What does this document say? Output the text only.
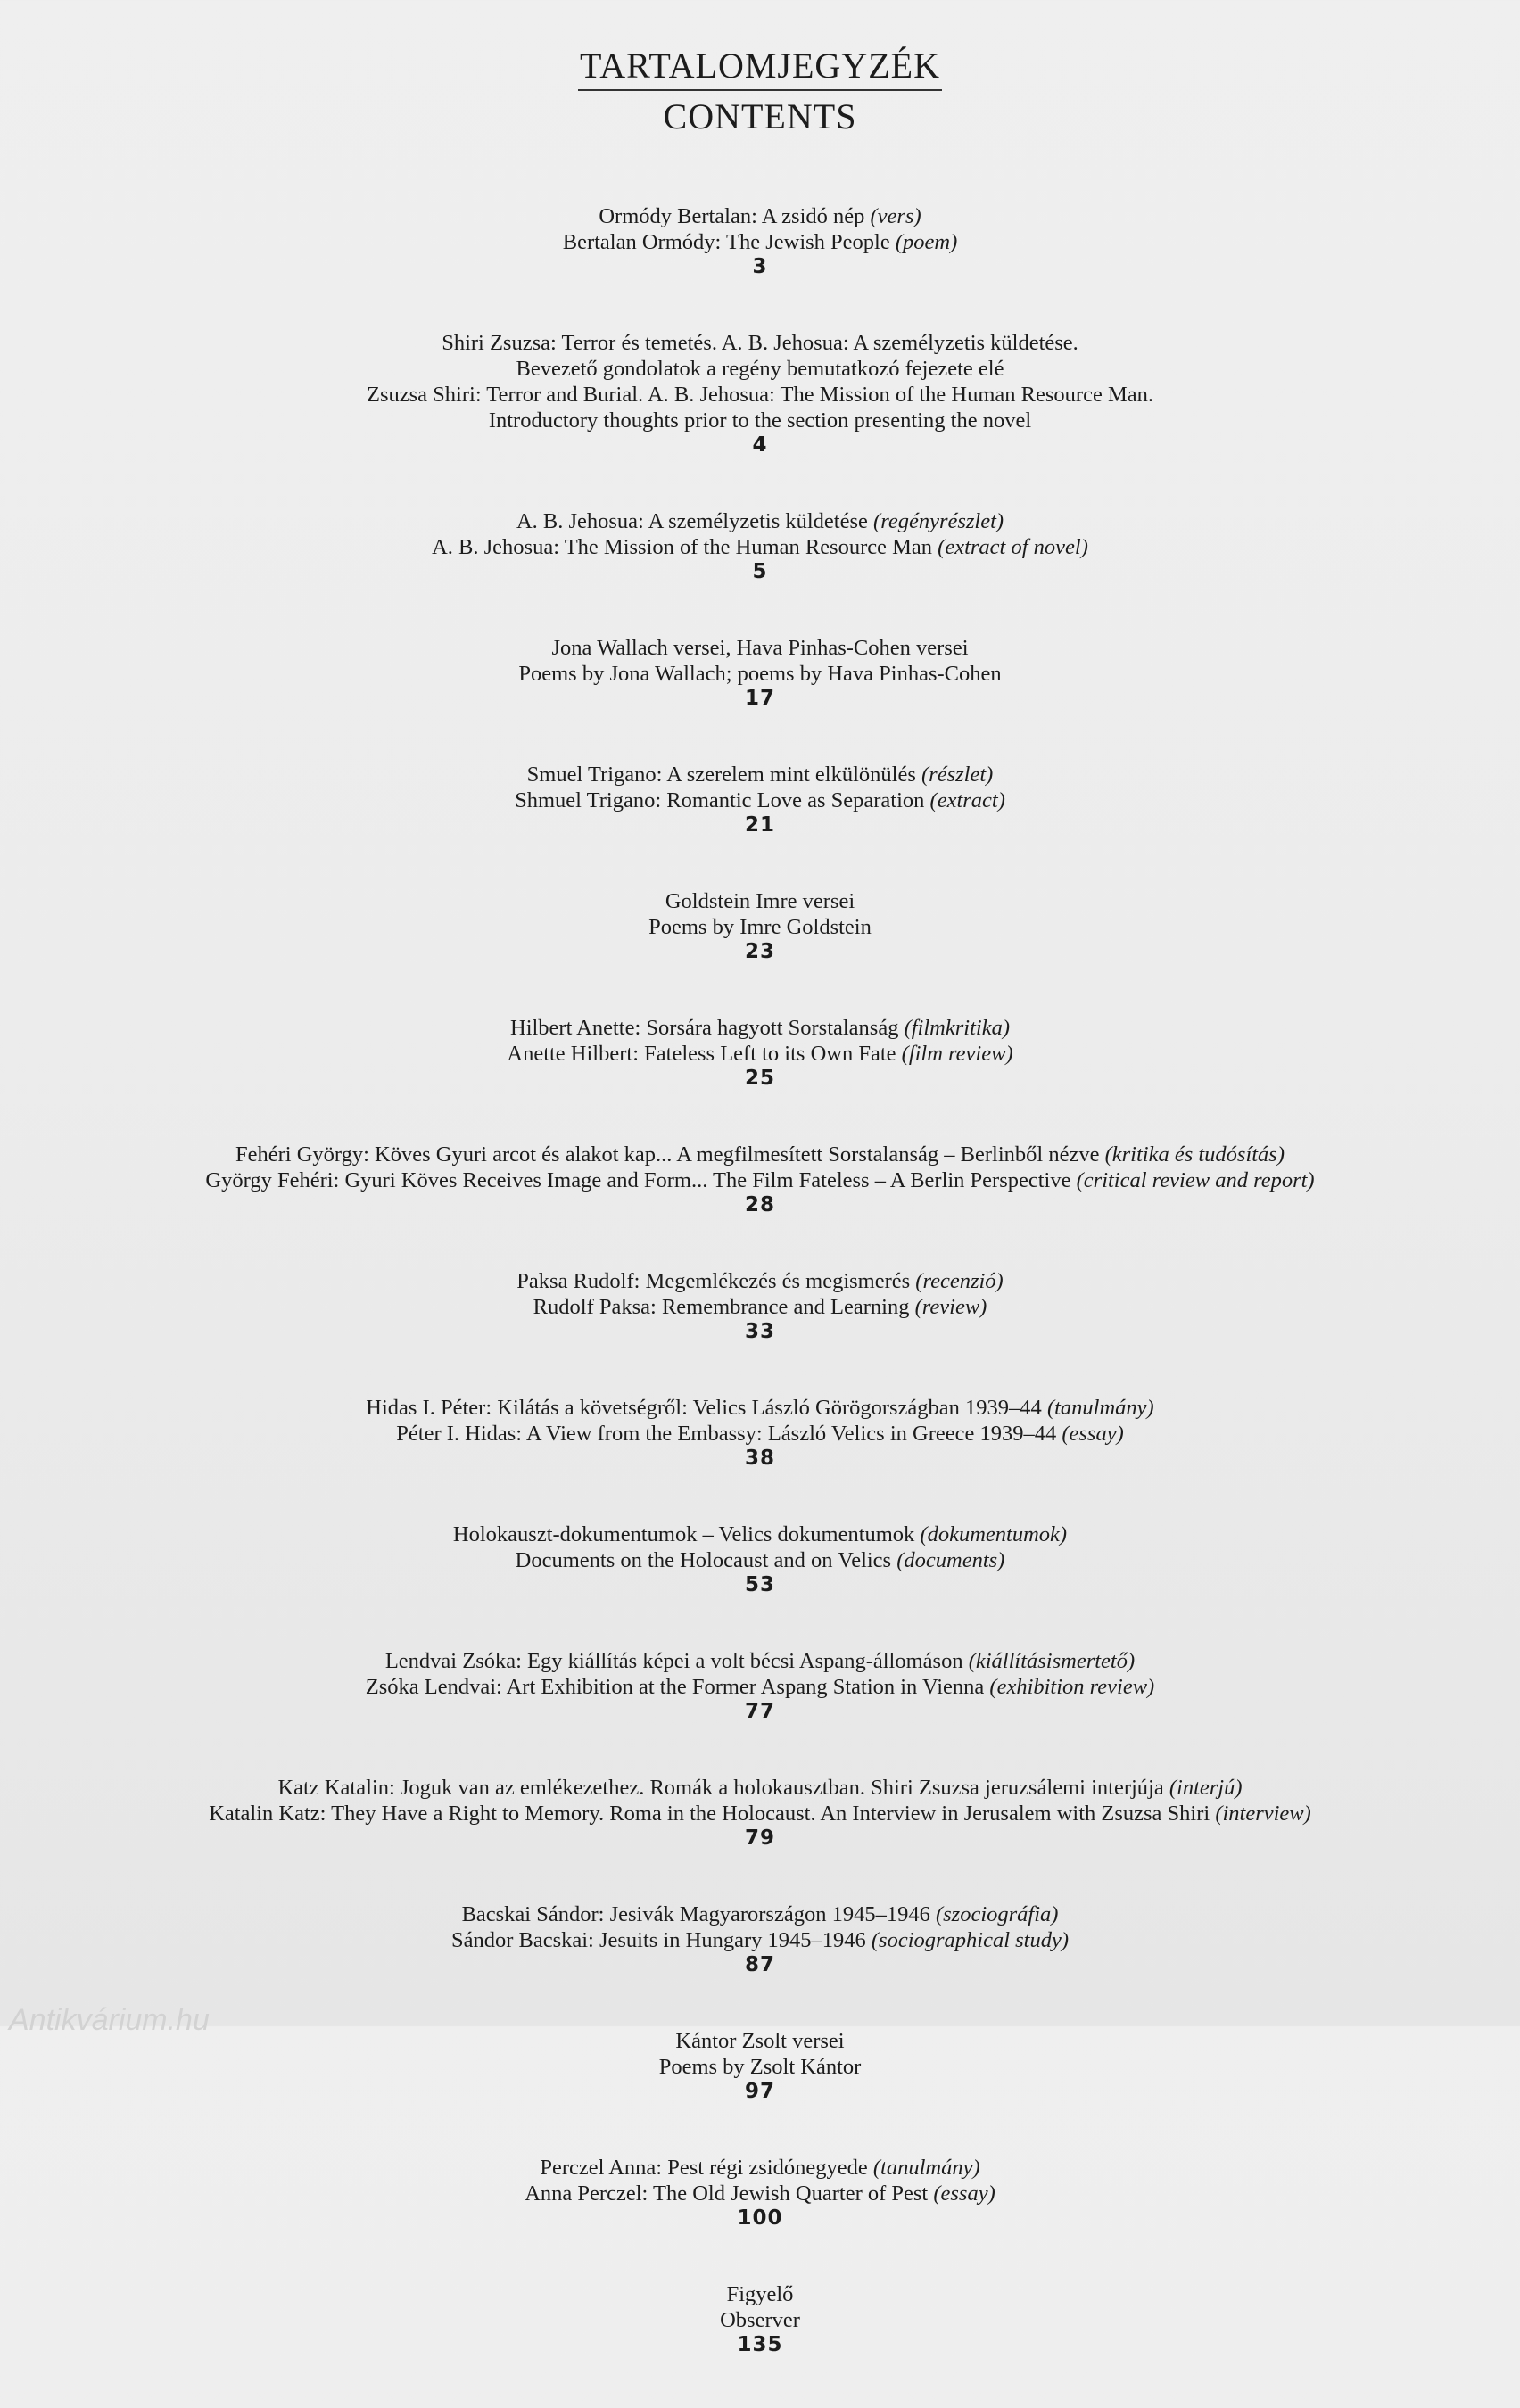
TARTALOMJEGYZÉK
CONTENTS
Ormódy Bertalan: A zsidó nép (vers)
Bertalan Ormódy: The Jewish People (poem)
3
Shiri Zsuzsa: Terror és temetés. A. B. Jehosua: A személyzetis küldetése.
Bevezető gondolatok a regény bemutatkozó fejezete elé
Zsuzsa Shiri: Terror and Burial. A. B. Jehosua: The Mission of the Human Resource Man.
Introductory thoughts prior to the section presenting the novel
4
A. B. Jehosua: A személyzetis küldetése (regényrészlet)
A. B. Jehosua: The Mission of the Human Resource Man (extract of novel)
5
Jona Wallach versei, Hava Pinhas-Cohen versei
Poems by Jona Wallach; poems by Hava Pinhas-Cohen
17
Smuel Trigano: A szerelem mint elkülönülés (részlet)
Shmuel Trigano: Romantic Love as Separation (extract)
21
Goldstein Imre versei
Poems by Imre Goldstein
23
Hilbert Anette: Sorsára hagyott Sorstalanság (filmkritika)
Anette Hilbert: Fateless Left to its Own Fate (film review)
25
Fehéri György: Köves Gyuri arcot és alakot kap... A megfilmesített Sorstalanság – Berlinből nézve (kritika és tudósítás)
György Fehéri: Gyuri Köves Receives Image and Form... The Film Fateless – A Berlin Perspective (critical review and report)
28
Paksa Rudolf: Megemlékezés és megismerés (recenzió)
Rudolf Paksa: Remembrance and Learning (review)
33
Hidas I. Péter: Kilátás a követségről: Velics László Görögországban 1939–44 (tanulmány)
Péter I. Hidas: A View from the Embassy: László Velics in Greece 1939–44 (essay)
38
Holokauszt-dokumentumok – Velics dokumentumok (dokumentumok)
Documents on the Holocaust and on Velics (documents)
53
Lendvai Zsóka: Egy kiállítás képei a volt bécsi Aspang-állomáson (kiállításismertető)
Zsóka Lendvai: Art Exhibition at the Former Aspang Station in Vienna (exhibition review)
77
Katz Katalin: Joguk van az emlékezethez. Romák a holokausztban. Shiri Zsuzsa jeruzsálemi interjúja (interjú)
Katalin Katz: They Have a Right to Memory. Roma in the Holocaust. An Interview in Jerusalem with Zsuzsa Shiri (interview)
79
Bacskai Sándor: Jesivák Magyarországon 1945–1946 (szociográfia)
Sándor Bacskai: Jesuits in Hungary 1945–1946 (sociographical study)
87
Kántor Zsolt versei
Poems by Zsolt Kántor
97
Perczel Anna: Pest régi zsidónegyede (tanulmány)
Anna Perczel: The Old Jewish Quarter of Pest (essay)
100
Figyelő
Observer
135
Antikvárium.hu
